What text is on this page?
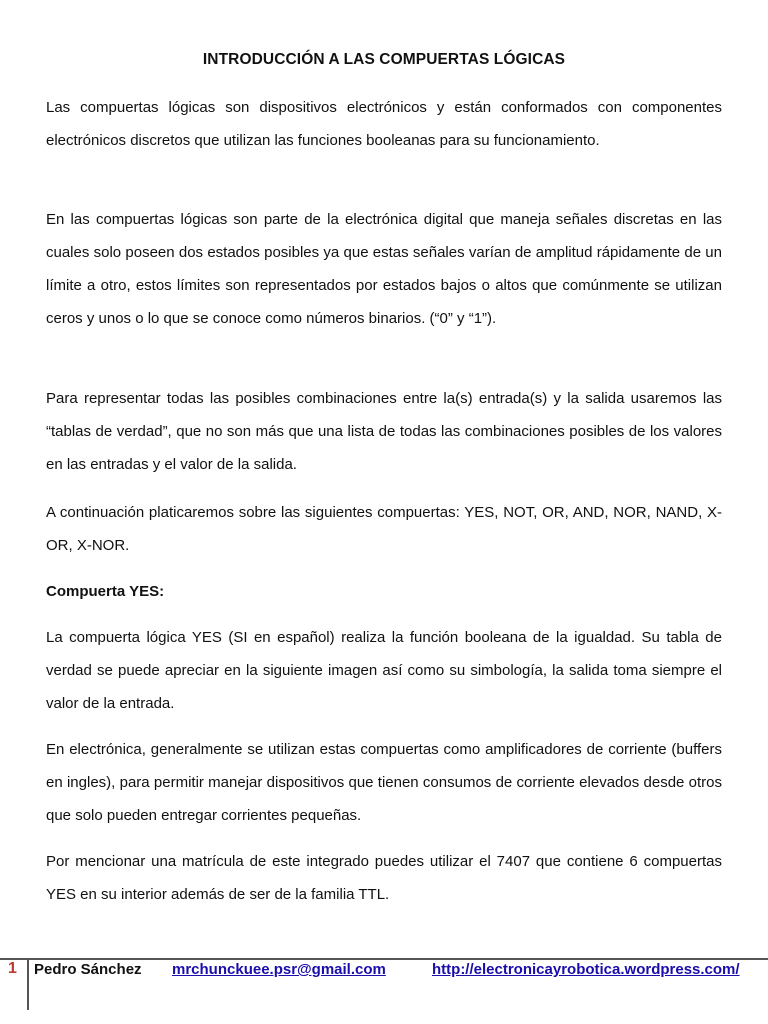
INTRODUCCIÓN A LAS COMPUERTAS LÓGICAS

Las compuertas lógicas son dispositivos electrónicos y están conformados con componentes electrónicos discretos que utilizan las funciones booleanas para su funcionamiento.

En las compuertas lógicas son parte de la electrónica digital que maneja señales discretas en las cuales solo poseen dos estados posibles ya que estas señales varían de amplitud rápidamente de un límite a otro, estos límites son representados por estados bajos o altos que comúnmente se utilizan ceros y unos o lo que se conoce como números binarios. (“0” y “1”).

Para representar todas las posibles combinaciones entre la(s) entrada(s) y la salida usaremos las “tablas de verdad”, que no son más que una lista de todas las combinaciones posibles de los valores en las entradas y el valor de la salida.

A continuación platicaremos sobre las siguientes compuertas: YES, NOT, OR, AND, NOR, NAND, X-OR, X-NOR.

Compuerta YES:

La compuerta lógica YES (SI en español) realiza la función booleana de la igualdad. Su tabla de verdad se puede apreciar en la siguiente imagen así como su simbología, la salida toma siempre el valor de la entrada.

En electrónica, generalmente se utilizan estas compuertas como amplificadores de corriente (buffers en ingles), para permitir manejar dispositivos que tienen consumos de corriente elevados desde otros que solo pueden entregar corrientes pequeñas.

Por mencionar una matrícula de este integrado puedes utilizar el 7407 que contiene 6 compuertas YES en su interior además de ser de la familia TTL.

1 Pedro Sánchez mrchunckuee.psr@gmail.com	http://electronicayrobotica.wordpress.com/
